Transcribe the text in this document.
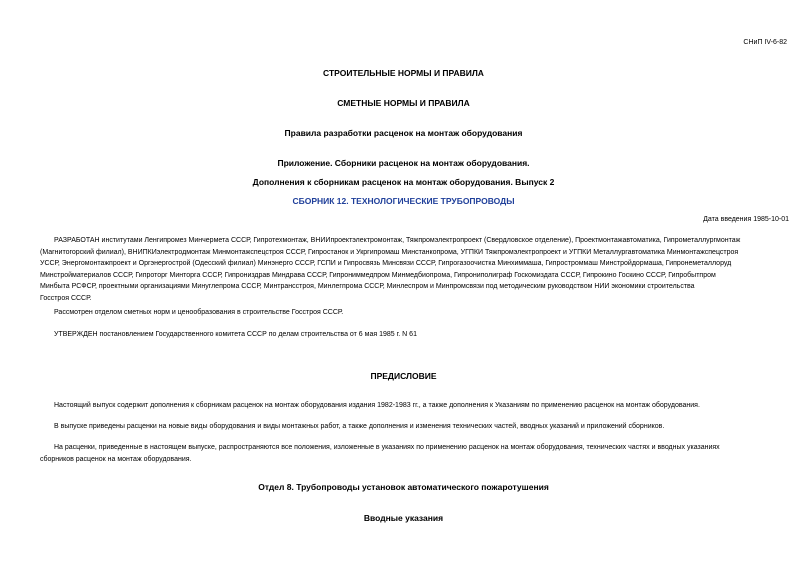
СНиП IV-6-82
СТРОИТЕЛЬНЫЕ НОРМЫ И ПРАВИЛА
СМЕТНЫЕ НОРМЫ И ПРАВИЛА
Правила разработки расценок на монтаж оборудования
Приложение. Сборники расценок на монтаж оборудования.
Дополнения к сборникам расценок на монтаж оборудования. Выпуск 2
СБОРНИК 12. ТЕХНОЛОГИЧЕСКИЕ ТРУБОПРОВОДЫ
Дата введения 1985-10-01
РАЗРАБОТАН институтами Ленгипромез Минчермета СССР, Гипротехмонтаж, ВНИИпроектэлектромонтаж, Тяжпромэлектропроект (Свердловское отделение), Проектмонтажавтоматика, Гипрометаллургмонтаж
(Магнитогорский филиал), ВНИПКИэлектродмонтаж Минмонтажспецстроя СССР, Гипростанок и Укргипромаш Минстанкопрома, УГПКИ Тяжпромэлектропроект и УГПКИ Металлургавтоматика Минмонтажспецстроя
УССР, Энергомонтажпроект и Оргэнергострой (Одесский филиал) Минэнерго СССР, ГСПИ и Гипросвязь Минсвязи СССР, Гипрогазоочистка Минхиммаша, Гипростроммаш Минстройдормаша, Гипронеметаллоруд
Минстройматериалов СССР, Гипроторг Минторга СССР, Гипрониздрав Миндрава СССР, Гипрониммедпром Минмедбиопрома, Гипрониполиграф Госкомиздата СССР, Гипрокино Госкино СССР, Гипробытпром
Минбыта РСФСР, проектными организациями Минуглепрома СССР, Минтрансстроя, Минлегпрома СССР, Минлеспром и Минпромсвязи под методическим руководством НИИ экономики строительства
Госстроя СССР.
Рассмотрен отделом сметных норм и ценообразования в строительстве Госстроя СССР.
УТВЕРЖДЕН постановлением Государственного комитета СССР по делам строительства от 6 мая 1985 г. N 61
ПРЕДИСЛОВИЕ
Настоящий выпуск содержит дополнения к сборникам расценок на монтаж оборудования издания 1982-1983 гг., а также дополнения к Указаниям по применению расценок на монтаж оборудования.
В выпуске приведены расценки на новые виды оборудования и виды монтажных работ, а также дополнения и изменения технических частей, вводных указаний и приложений сборников.
На расценки, приведенные в настоящем выпуске, распространяются все положения, изложенные в указаниях по применению расценок на монтаж оборудования, технических частях и вводных указаниях
сборников расценок на монтаж оборудования.
Отдел 8. Трубопроводы установок автоматического пожаротушения
Вводные указания
